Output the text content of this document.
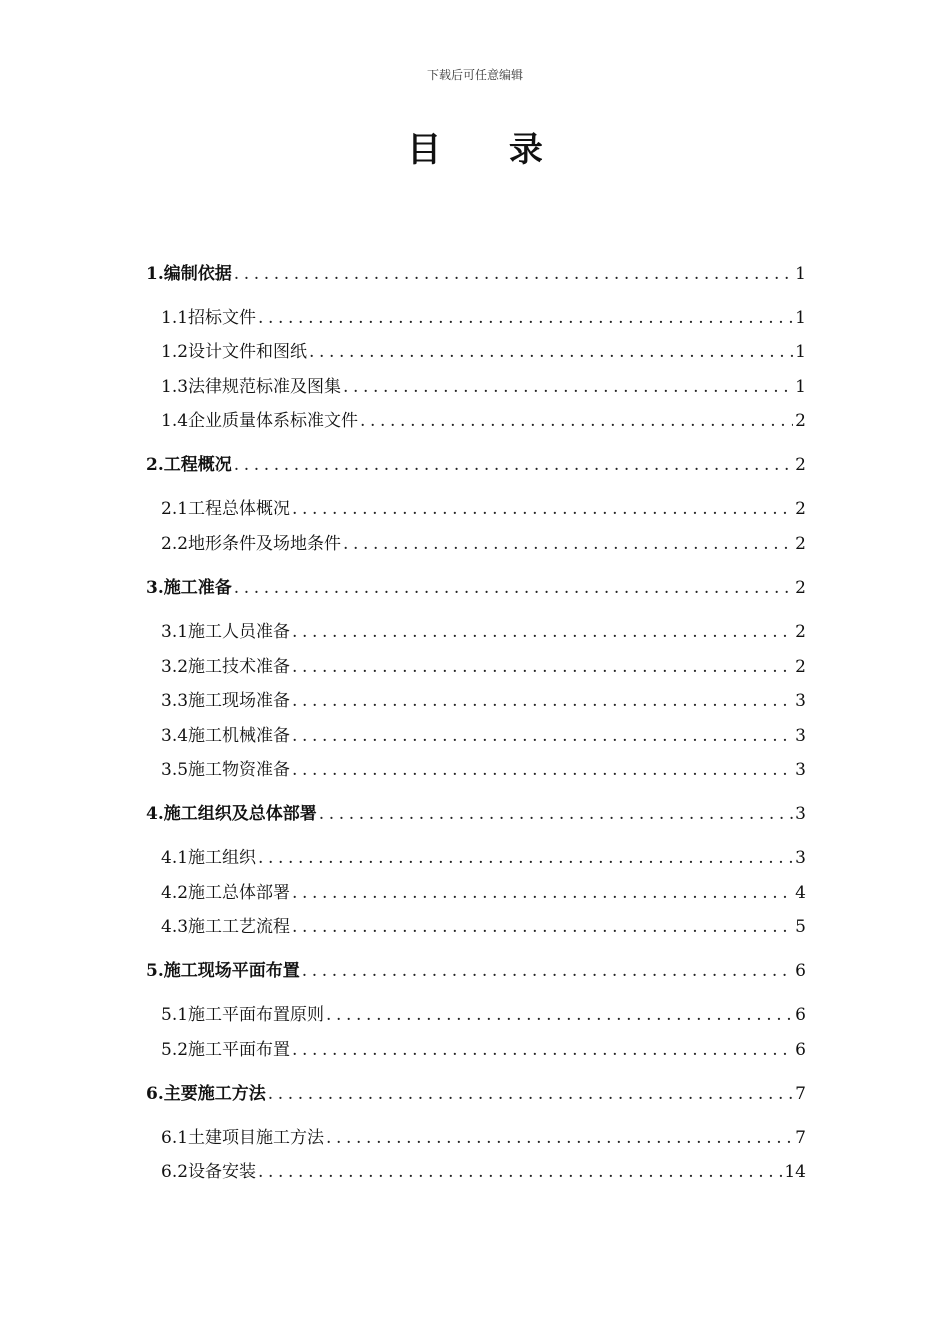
下载后可任意编辑
目 录
1. 编制依据 .....	1
1.1 招标文件 .....	1
1.2 设计文件和图纸 .....	1
1.3 法律规范标准及图集 .....	1
1.4 企业质量体系标准文件 .....	2
2. 工程概况 .....	2
2.1 工程总体概况 .....	2
2.2 地形条件及场地条件 .....	2
3. 施工准备 .....	2
3.1 施工人员准备 .....	2
3.2 施工技术准备 .....	2
3.3 施工现场准备 .....	3
3.4 施工机械准备 .....	3
3.5 施工物资准备 .....	3
4. 施工组织及总体部署 .....	3
4.1 施工组织 .....	3
4.2 施工总体部署 .....	4
4.3 施工工艺流程 .....	5
5. 施工现场平面布置 .....	6
5.1 施工平面布置原则 .....	6
5.2 施工平面布置 .....	6
6. 主要施工方法 .....	7
6.1 土建项目施工方法 .....	7
6.2 设备安装 .....	14
